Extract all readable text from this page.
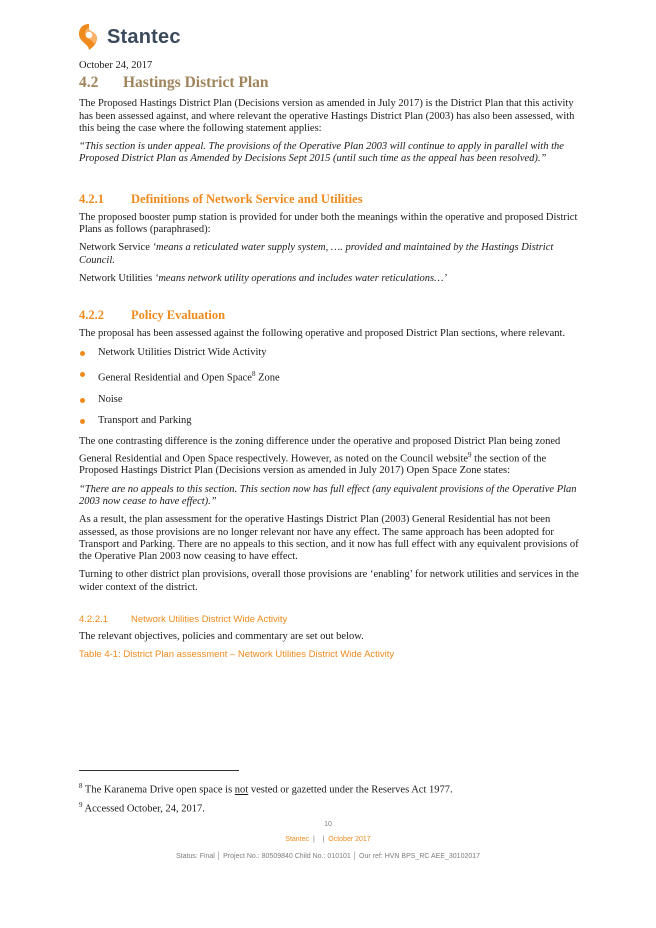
Stantec

October 24, 2017

4.2 Hastings District Plan

The Proposed Hastings District Plan (Decisions version as amended in July 2017) is the District Plan that this activity has been assessed against, and where relevant the operative Hastings District Plan (2003) has also been assessed, with this being the case where the following statement applies:

“This section is under appeal. The provisions of the Operative Plan 2003 will continue to apply in parallel with the Proposed District Plan as Amended by Decisions Sept 2015 (until such time as the appeal has been resolved).”

4.2.1 Definitions of Network Service and Utilities

The proposed booster pump station is provided for under both the meanings within the operative and proposed District Plans as follows (paraphrased):

Network Service ‘means a reticulated water supply system, …. provided and maintained by the Hastings District Council.

Network Utilities ‘means network utility operations and includes water reticulations…’

4.2.2 Policy Evaluation

The proposal has been assessed against the following operative and proposed District Plan sections, where relevant.

Network Utilities District Wide Activity
General Residential and Open Space$^8$ Zone
Noise
Transport and Parking

The one contrasting difference is the zoning difference under the operative and proposed District Plan being zoned General Residential and Open Space respectively. However, as noted on the Council website$^9$ the section of the Proposed Hastings District Plan (Decisions version as amended in July 2017) Open Space Zone states:

“There are no appeals to this section. This section now has full effect (any equivalent provisions of the Operative Plan 2003 now cease to have effect).”

As a result, the plan assessment for the operative Hastings District Plan (2003) General Residential has not been assessed, as those provisions are no longer relevant nor have any effect. The same approach has been adopted for Transport and Parking. There are no appeals to this section, and it now has full effect with any equivalent provisions of the Operative Plan 2003 now ceasing to have effect.

Turning to other district plan provisions, overall those provisions are ‘enabling’ for network utilities and services in the wider context of the district.

4.2.2.1 Network Utilities District Wide Activity

The relevant objectives, policies and commentary are set out below.

Table 4-1: District Plan assessment – Network Utilities District Wide Activity

$^8$ The Karanema Drive open space is not vested or gazetted under the Reserves Act 1977.
$^9$ Accessed October, 24, 2017.
10
Stantec | | October 2017
Status: Final │ Project No.: 80509840 Child No.: 010101 │ Our ref: HVN BPS_RC AEE_30102017
